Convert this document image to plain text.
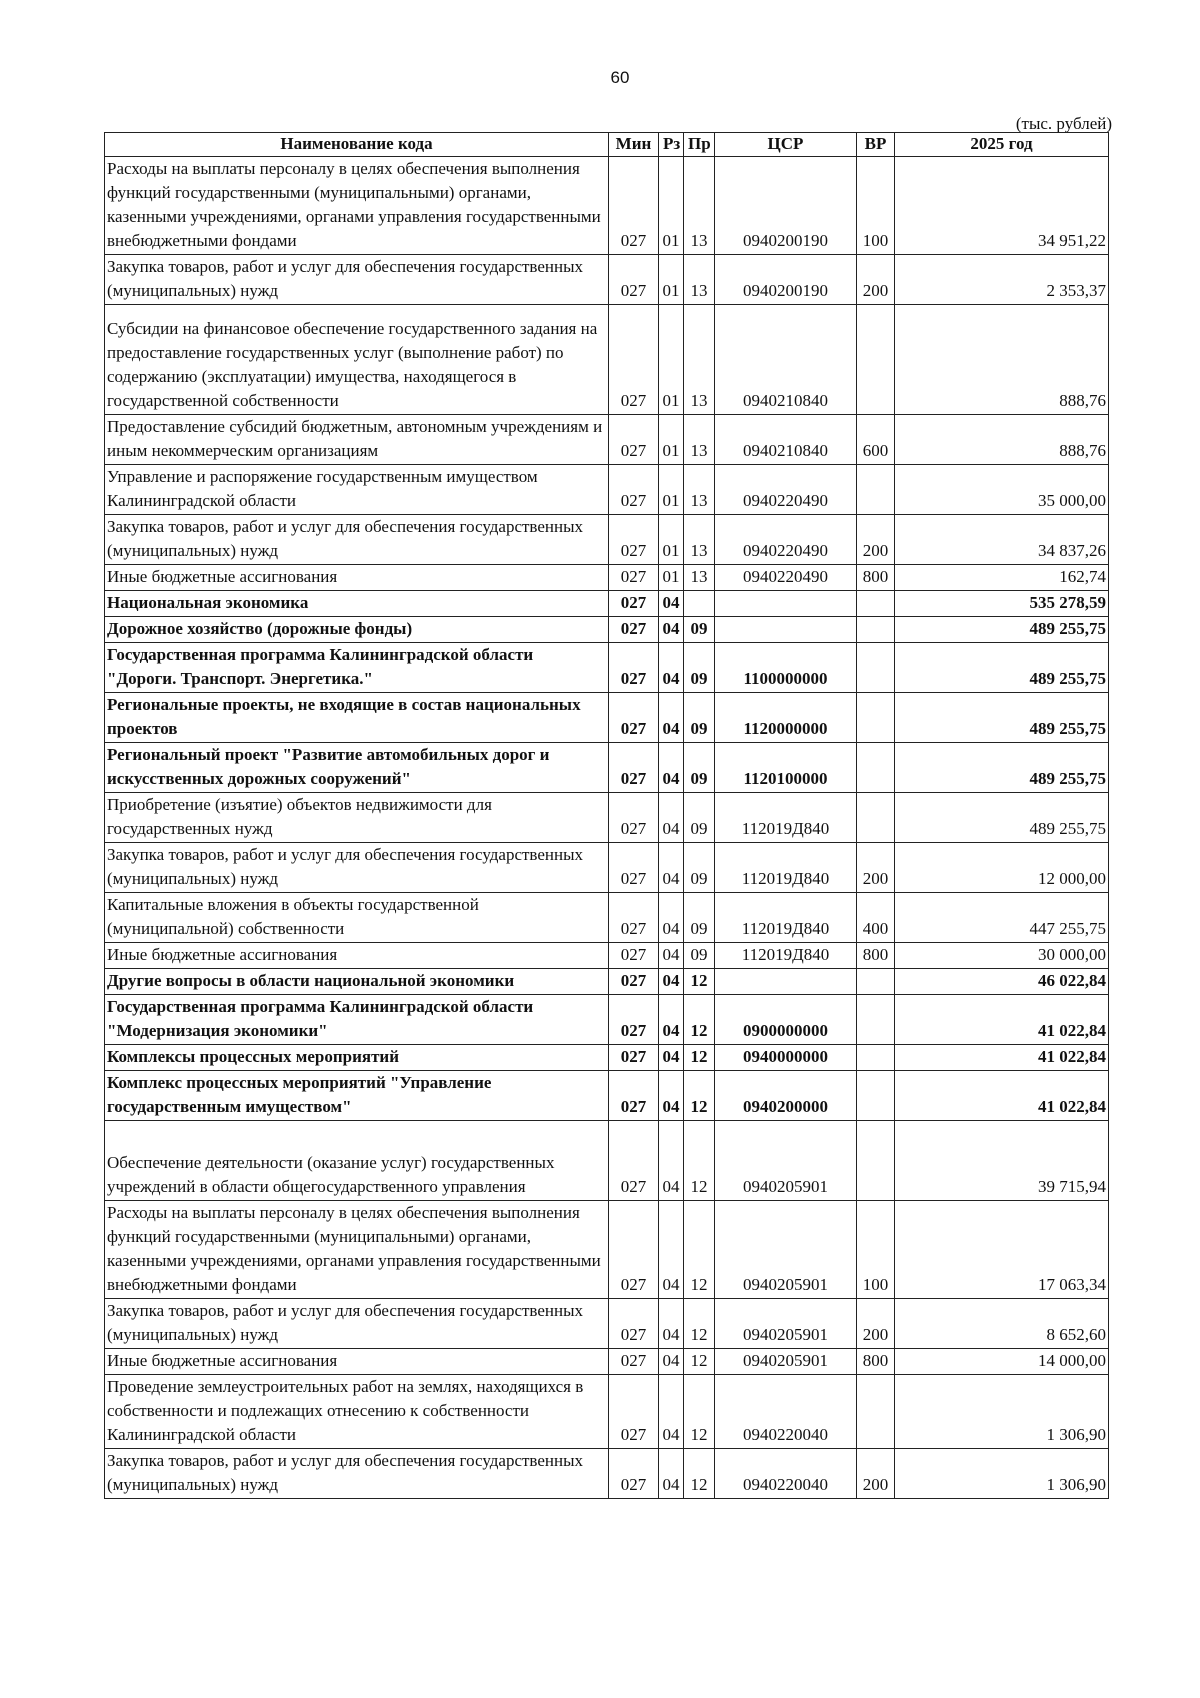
60
(тыс. рублей)
Наименование кода	Мин	Рз	Пр	ЦСР	ВР	2025 год
Расходы на выплаты персоналу в целях обеспечения выполнения функций государственными (муниципальными) органами, казенными учреждениями, органами управления государственными внебюджетными фондами	027	01	13	0940200190	100	34 951,22
Закупка товаров, работ и услуг для обеспечения государственных (муниципальных) нужд	027	01	13	0940200190	200	2 353,37
Субсидии на финансовое обеспечение государственного задания на предоставление государственных услуг (выполнение работ) по содержанию (эксплуатации) имущества, находящегося в государственной собственности	027	01	13	0940210840		888,76
Предоставление субсидий бюджетным, автономным учреждениям и иным некоммерческим организациям	027	01	13	0940210840	600	888,76
Управление и распоряжение государственным имуществом Калининградской области	027	01	13	0940220490		35 000,00
Закупка товаров, работ и услуг для обеспечения государственных (муниципальных) нужд	027	01	13	0940220490	200	34 837,26
Иные бюджетные ассигнования	027	01	13	0940220490	800	162,74
Национальная экономика	027	04				535 278,59
Дорожное хозяйство (дорожные фонды)	027	04	09			489 255,75
Государственная программа Калининградской области "Дороги. Транспорт. Энергетика."	027	04	09	1100000000		489 255,75
Региональные проекты, не входящие в состав национальных проектов	027	04	09	1120000000		489 255,75
Региональный проект "Развитие автомобильных дорог и искусственных дорожных сооружений"	027	04	09	1120100000		489 255,75
Приобретение (изъятие) объектов недвижимости для государственных нужд	027	04	09	112019Д840		489 255,75
Закупка товаров, работ и услуг для обеспечения государственных (муниципальных) нужд	027	04	09	112019Д840	200	12 000,00
Капитальные вложения в объекты государственной (муниципальной) собственности	027	04	09	112019Д840	400	447 255,75
Иные бюджетные ассигнования	027	04	09	112019Д840	800	30 000,00
Другие вопросы в области национальной экономики	027	04	12			46 022,84
Государственная программа Калининградской области "Модернизация экономики"	027	04	12	0900000000		41 022,84
Комплексы процессных мероприятий	027	04	12	0940000000		41 022,84
Комплекс процессных мероприятий "Управление государственным имуществом"	027	04	12	0940200000		41 022,84
Обеспечение деятельности (оказание услуг) государственных учреждений в области общегосударственного управления	027	04	12	0940205901		39 715,94
Расходы на выплаты персоналу в целях обеспечения выполнения функций государственными (муниципальными) органами, казенными учреждениями, органами управления государственными внебюджетными фондами	027	04	12	0940205901	100	17 063,34
Закупка товаров, работ и услуг для обеспечения государственных (муниципальных) нужд	027	04	12	0940205901	200	8 652,60
Иные бюджетные ассигнования	027	04	12	0940205901	800	14 000,00
Проведение землеустроительных работ на землях, находящихся в собственности и подлежащих отнесению к собственности Калининградской области	027	04	12	0940220040		1 306,90
Закупка товаров, работ и услуг для обеспечения государственных (муниципальных) нужд	027	04	12	0940220040	200	1 306,90
